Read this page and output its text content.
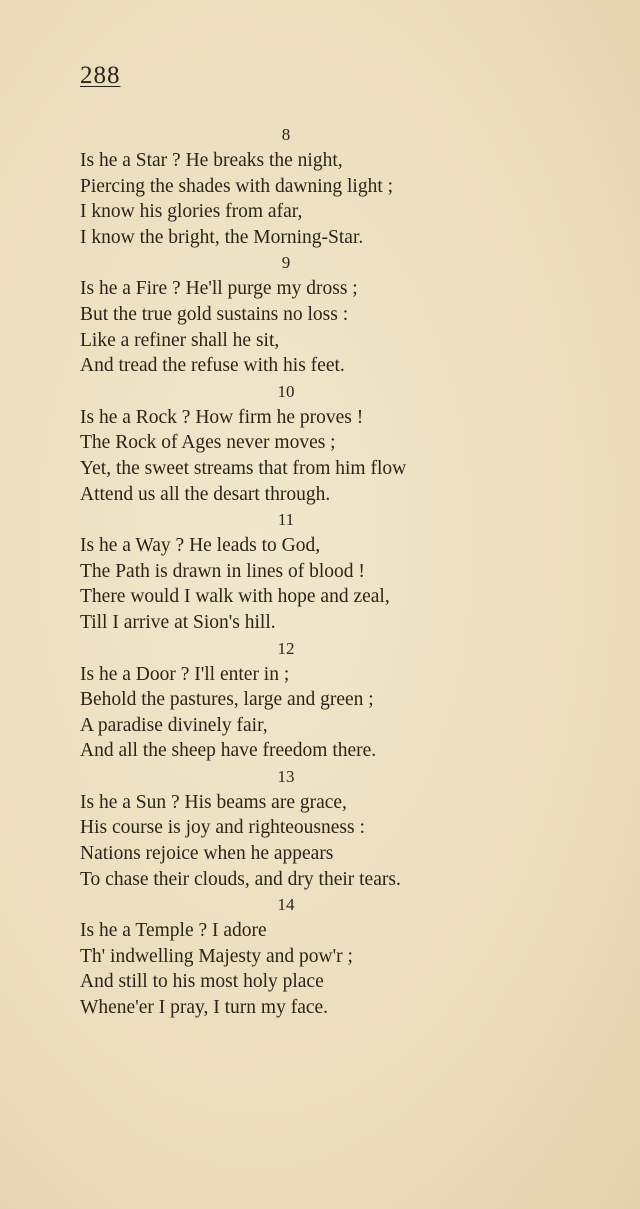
288
8
Is he a Star ? He breaks the night,
Piercing the shades with dawning light ;
I know his glories from afar,
I know the bright, the Morning-Star.
9
Is he a Fire ? He'll purge my dross ;
But the true gold sustains no loss :
Like a refiner shall he sit,
And tread the refuse with his feet.
10
Is he a Rock ? How firm he proves !
The Rock of Ages never moves ;
Yet, the sweet streams that from him flow
Attend us all the desart through.
11
Is he a Way ? He leads to God,
The Path is drawn in lines of blood !
There would I walk with hope and zeal,
Till I arrive at Sion's hill.
12
Is he a Door ? I'll enter in ;
Behold the pastures, large and green ;
A paradise divinely fair,
And all the sheep have freedom there.
13
Is he a Sun ? His beams are grace,
His course is joy and righteousness :
Nations rejoice when he appears
To chase their clouds, and dry their tears.
14
Is he a Temple ? I adore
Th' indwelling Majesty and pow'r ;
And still to his most holy place
Whene'er I pray, I turn my face.
